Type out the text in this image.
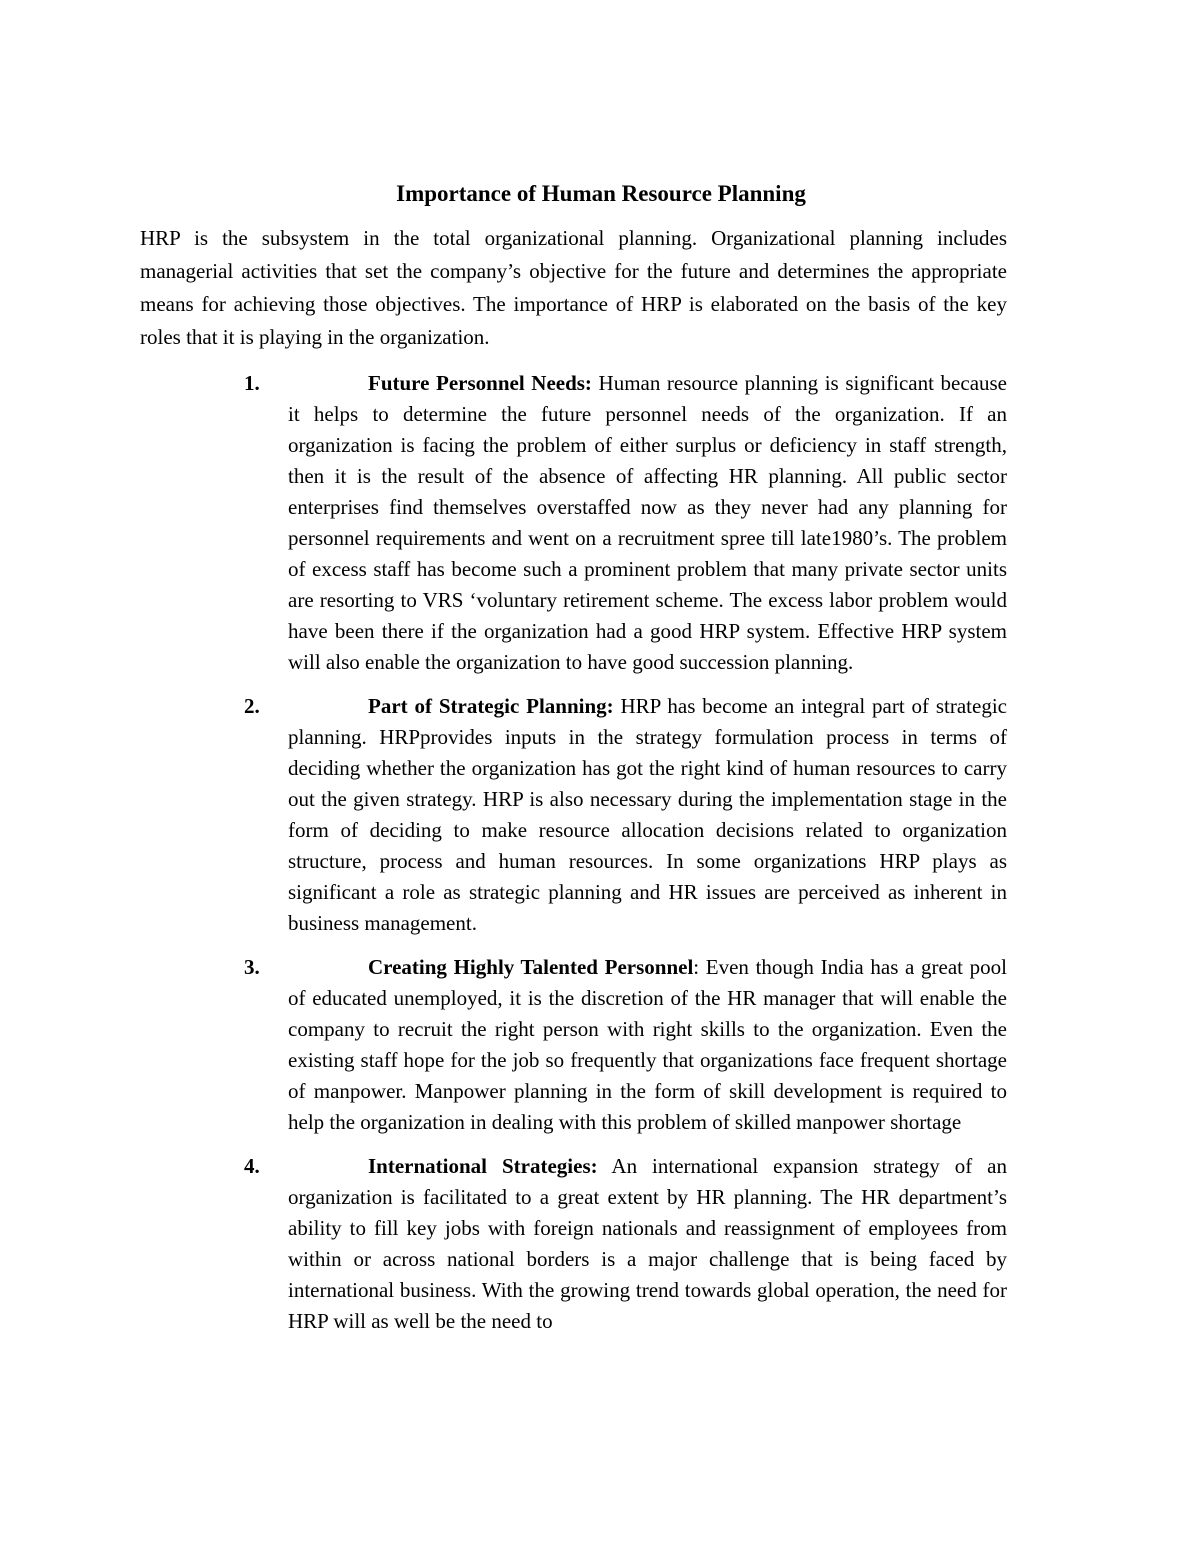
Importance of Human Resource Planning

HRP is the subsystem in the total organizational planning. Organizational planning includes managerial activities that set the company’s objective for the future and determines the appropriate means for achieving those objectives. The importance of HRP is elaborated on the basis of the key roles that it is playing in the organization.

1.	Future Personnel Needs: Human resource planning is significant because it helps to determine the future personnel needs of the organization. If an organization is facing the problem of either surplus or deficiency in staff strength, then it is the result of the absence of affecting HR planning. All public sector enterprises find themselves overstaffed now as they never had any planning for personnel requirements and went on a recruitment spree till late1980’s. The problem of excess staff has become such a prominent problem that many private sector units are resorting to VRS ‘voluntary retirement scheme. The excess labor problem would have been there if the organization had a good HRP system. Effective HRP system will also enable the organization to have good succession planning.
2.	Part of Strategic Planning: HRP has become an integral part of strategic planning. HRPprovides inputs in the strategy formulation process in terms of deciding whether the organization has got the right kind of human resources to carry out the given strategy. HRP is also necessary during the implementation stage in the form of deciding to make resource allocation decisions related to organization structure, process and human resources. In some organizations HRP plays as significant a role as strategic planning and HR issues are perceived as inherent in business management.
3.	Creating Highly Talented Personnel: Even though India has a great pool of educated unemployed, it is the discretion of the HR manager that will enable the company to recruit the right person with right skills to the organization. Even the existing staff hope for the job so frequently that organizations face frequent shortage of manpower. Manpower planning in the form of skill development is required to help the organization in dealing with this problem of skilled manpower shortage
4.	International Strategies: An international expansion strategy of an organization is facilitated to a great extent by HR planning. The HR department’s ability to fill key jobs with foreign nationals and reassignment of employees from within or across national borders is a major challenge that is being faced by international business. With the growing trend towards global operation, the need for HRP will as well be the need to
